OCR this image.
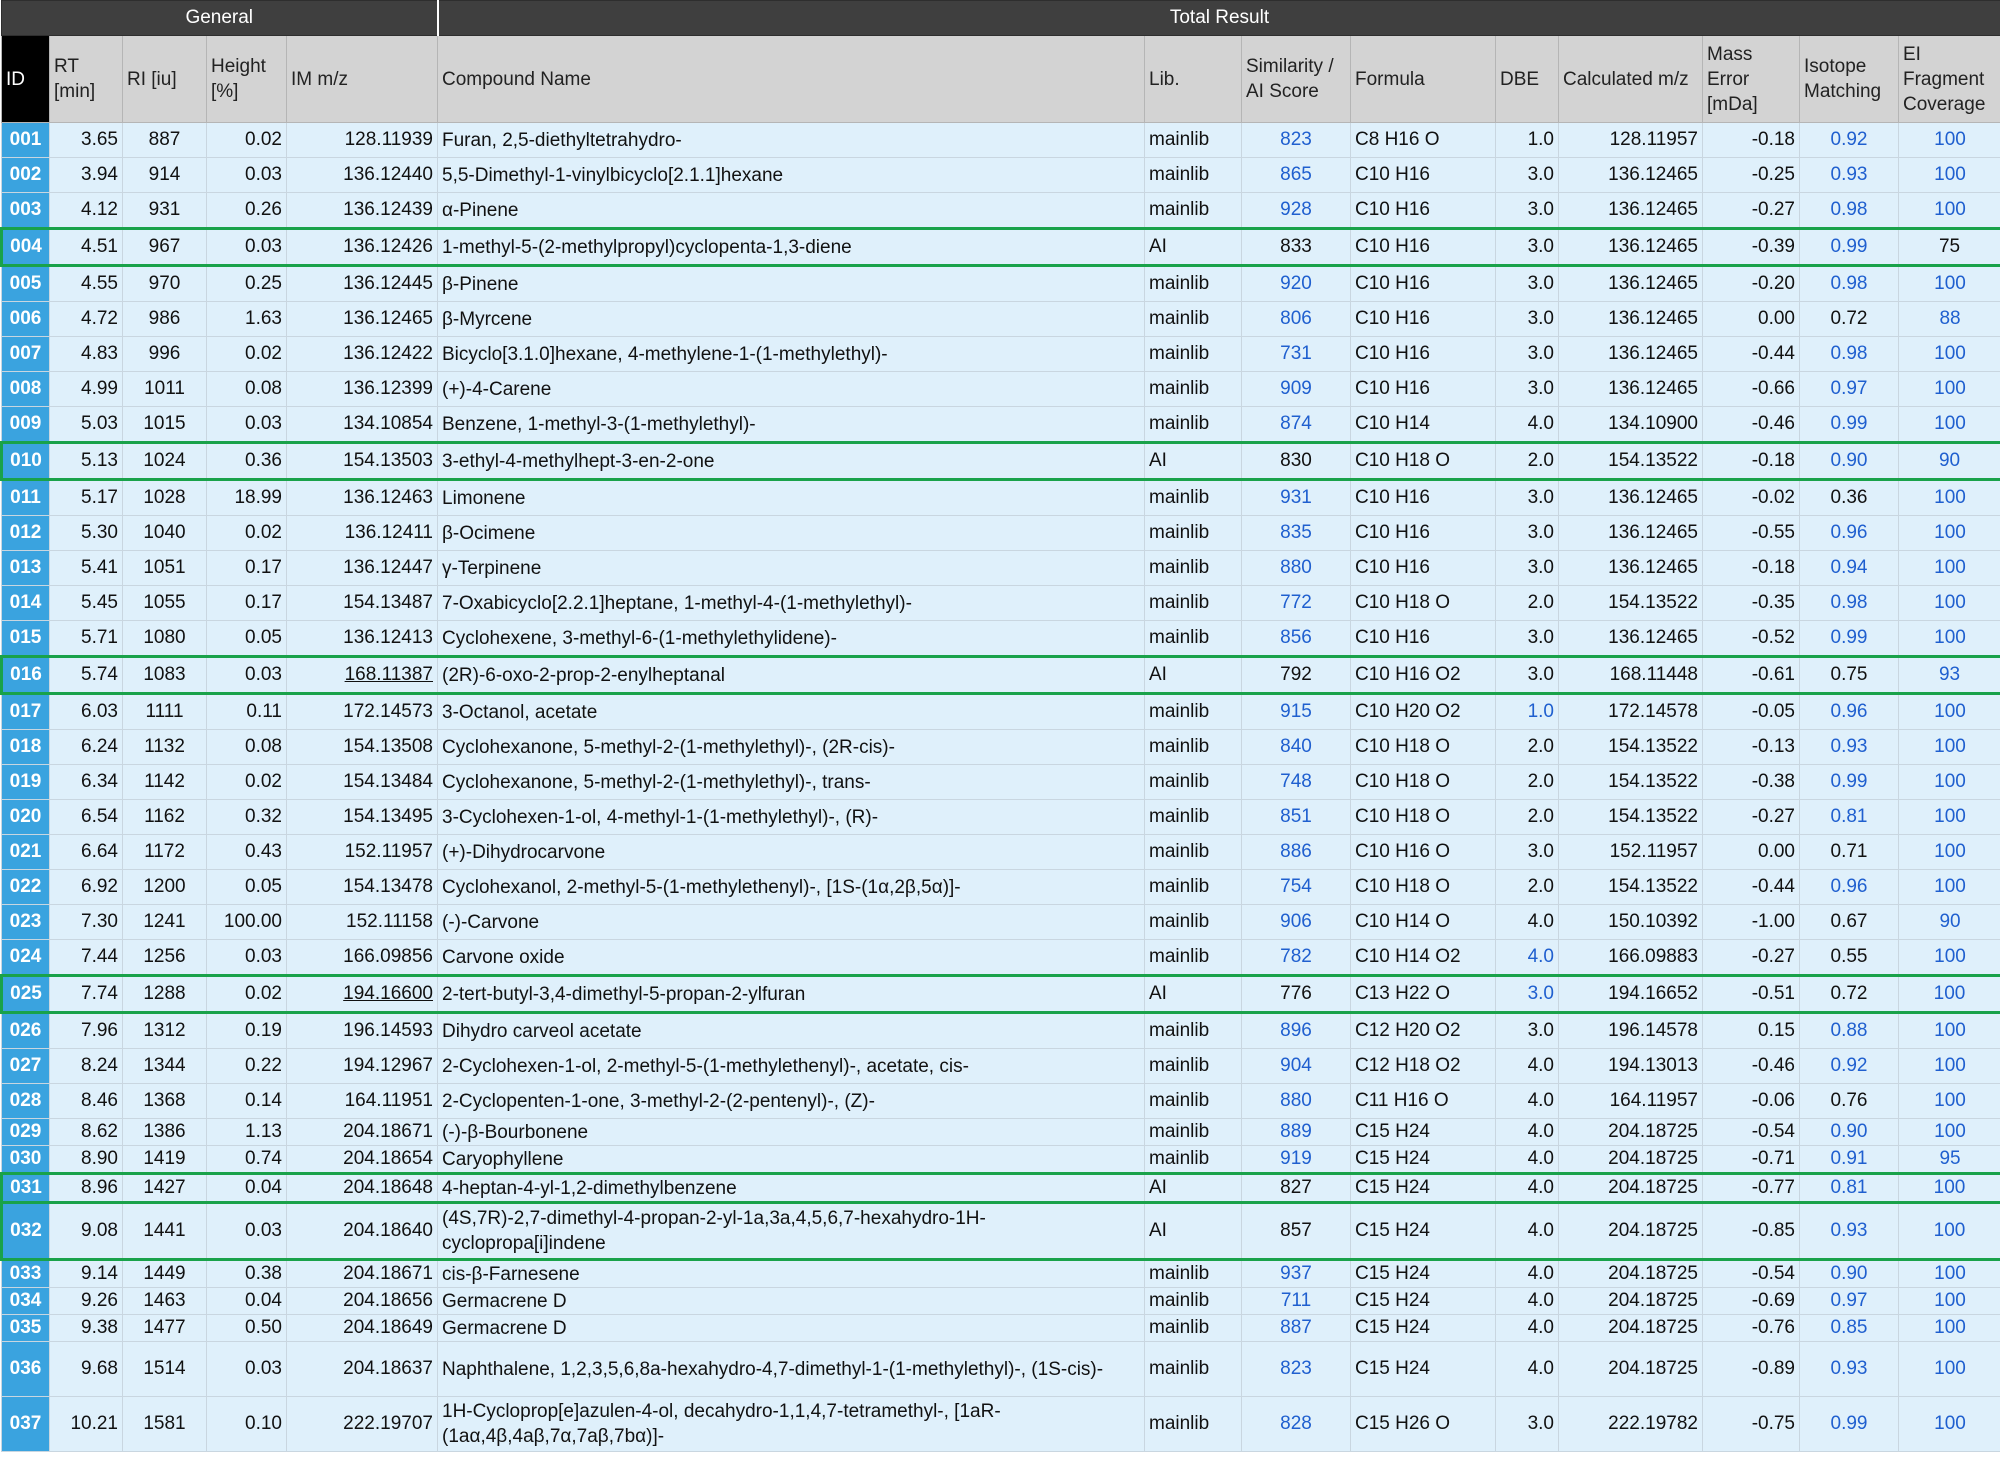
General					Total Result								
ID	RT [min]	RI [iu]	Height [%]	IM m/z	Compound Name	Lib.	Similarity / AI Score	Formula	DBE	Calculated m/z	Mass Error [mDa]	Isotope Matching	EI Fragment Coverage
001	3.65	887	0.02	128.11939	Furan, 2,5-diethyltetrahydro-	mainlib	823	C8 H16 O	1.0	128.11957	-0.18	0.92	100
002	3.94	914	0.03	136.12440	5,5-Dimethyl-1-vinylbicyclo[2.1.1]hexane	mainlib	865	C10 H16	3.0	136.12465	-0.25	0.93	100
003	4.12	931	0.26	136.12439	α-Pinene	mainlib	928	C10 H16	3.0	136.12465	-0.27	0.98	100
004	4.51	967	0.03	136.12426	1-methyl-5-(2-methylpropyl)cyclopenta-1,3-diene	AI	833	C10 H16	3.0	136.12465	-0.39	0.99	75
005	4.55	970	0.25	136.12445	β-Pinene	mainlib	920	C10 H16	3.0	136.12465	-0.20	0.98	100
006	4.72	986	1.63	136.12465	β-Myrcene	mainlib	806	C10 H16	3.0	136.12465	0.00	0.72	88
007	4.83	996	0.02	136.12422	Bicyclo[3.1.0]hexane, 4-methylene-1-(1-methylethyl)-	mainlib	731	C10 H16	3.0	136.12465	-0.44	0.98	100
008	4.99	1011	0.08	136.12399	(+)-4-Carene	mainlib	909	C10 H16	3.0	136.12465	-0.66	0.97	100
009	5.03	1015	0.03	134.10854	Benzene, 1-methyl-3-(1-methylethyl)-	mainlib	874	C10 H14	4.0	134.10900	-0.46	0.99	100
010	5.13	1024	0.36	154.13503	3-ethyl-4-methylhept-3-en-2-one	AI	830	C10 H18 O	2.0	154.13522	-0.18	0.90	90
011	5.17	1028	18.99	136.12463	Limonene	mainlib	931	C10 H16	3.0	136.12465	-0.02	0.36	100
012	5.30	1040	0.02	136.12411	β-Ocimene	mainlib	835	C10 H16	3.0	136.12465	-0.55	0.96	100
013	5.41	1051	0.17	136.12447	γ-Terpinene	mainlib	880	C10 H16	3.0	136.12465	-0.18	0.94	100
014	5.45	1055	0.17	154.13487	7-Oxabicyclo[2.2.1]heptane, 1-methyl-4-(1-methylethyl)-	mainlib	772	C10 H18 O	2.0	154.13522	-0.35	0.98	100
015	5.71	1080	0.05	136.12413	Cyclohexene, 3-methyl-6-(1-methylethylidene)-	mainlib	856	C10 H16	3.0	136.12465	-0.52	0.99	100
016	5.74	1083	0.03	168.11387	(2R)-6-oxo-2-prop-2-enylheptanal	AI	792	C10 H16 O2	3.0	168.11448	-0.61	0.75	93
017	6.03	1111	0.11	172.14573	3-Octanol, acetate	mainlib	915	C10 H20 O2	1.0	172.14578	-0.05	0.96	100
018	6.24	1132	0.08	154.13508	Cyclohexanone, 5-methyl-2-(1-methylethyl)-, (2R-cis)-	mainlib	840	C10 H18 O	2.0	154.13522	-0.13	0.93	100
019	6.34	1142	0.02	154.13484	Cyclohexanone, 5-methyl-2-(1-methylethyl)-, trans-	mainlib	748	C10 H18 O	2.0	154.13522	-0.38	0.99	100
020	6.54	1162	0.32	154.13495	3-Cyclohexen-1-ol, 4-methyl-1-(1-methylethyl)-, (R)-	mainlib	851	C10 H18 O	2.0	154.13522	-0.27	0.81	100
021	6.64	1172	0.43	152.11957	(+)-Dihydrocarvone	mainlib	886	C10 H16 O	3.0	152.11957	0.00	0.71	100
022	6.92	1200	0.05	154.13478	Cyclohexanol, 2-methyl-5-(1-methylethenyl)-, [1S-(1α,2β,5α)]-	mainlib	754	C10 H18 O	2.0	154.13522	-0.44	0.96	100
023	7.30	1241	100.00	152.11158	(-)-Carvone	mainlib	906	C10 H14 O	4.0	150.10392	-1.00	0.67	90
024	7.44	1256	0.03	166.09856	Carvone oxide	mainlib	782	C10 H14 O2	4.0	166.09883	-0.27	0.55	100
025	7.74	1288	0.02	194.16600	2-tert-butyl-3,4-dimethyl-5-propan-2-ylfuran	AI	776	C13 H22 O	3.0	194.16652	-0.51	0.72	100
026	7.96	1312	0.19	196.14593	Dihydro carveol acetate	mainlib	896	C12 H20 O2	3.0	196.14578	0.15	0.88	100
027	8.24	1344	0.22	194.12967	2-Cyclohexen-1-ol, 2-methyl-5-(1-methylethenyl)-, acetate, cis-	mainlib	904	C12 H18 O2	4.0	194.13013	-0.46	0.92	100
028	8.46	1368	0.14	164.11951	2-Cyclopenten-1-one, 3-methyl-2-(2-pentenyl)-, (Z)-	mainlib	880	C11 H16 O	4.0	164.11957	-0.06	0.76	100
029	8.62	1386	1.13	204.18671	(-)-β-Bourbonene	mainlib	889	C15 H24	4.0	204.18725	-0.54	0.90	100
030	8.90	1419	0.74	204.18654	Caryophyllene	mainlib	919	C15 H24	4.0	204.18725	-0.71	0.91	95
031	8.96	1427	0.04	204.18648	4-heptan-4-yl-1,2-dimethylbenzene	AI	827	C15 H24	4.0	204.18725	-0.77	0.81	100
032	9.08	1441	0.03	204.18640	(4S,7R)-2,7-dimethyl-4-propan-2-yl-1a,3a,4,5,6,7-hexahydro-1H-cyclopropa[i]indene	AI	857	C15 H24	4.0	204.18725	-0.85	0.93	100
033	9.14	1449	0.38	204.18671	cis-β-Farnesene	mainlib	937	C15 H24	4.0	204.18725	-0.54	0.90	100
034	9.26	1463	0.04	204.18656	Germacrene D	mainlib	711	C15 H24	4.0	204.18725	-0.69	0.97	100
035	9.38	1477	0.50	204.18649	Germacrene D	mainlib	887	C15 H24	4.0	204.18725	-0.76	0.85	100
036	9.68	1514	0.03	204.18637	Naphthalene, 1,2,3,5,6,8a-hexahydro-4,7-dimethyl-1-(1-methylethyl)-, (1S-cis)-	mainlib	823	C15 H24	4.0	204.18725	-0.89	0.93	100
037	10.21	1581	0.10	222.19707	1H-Cycloprop[e]azulen-4-ol, decahydro-1,1,4,7-tetramethyl-, [1aR-(1aα,4β,4aβ,7α,7aβ,7bα)]-	mainlib	828	C15 H26 O	3.0	222.19782	-0.75	0.99	100
